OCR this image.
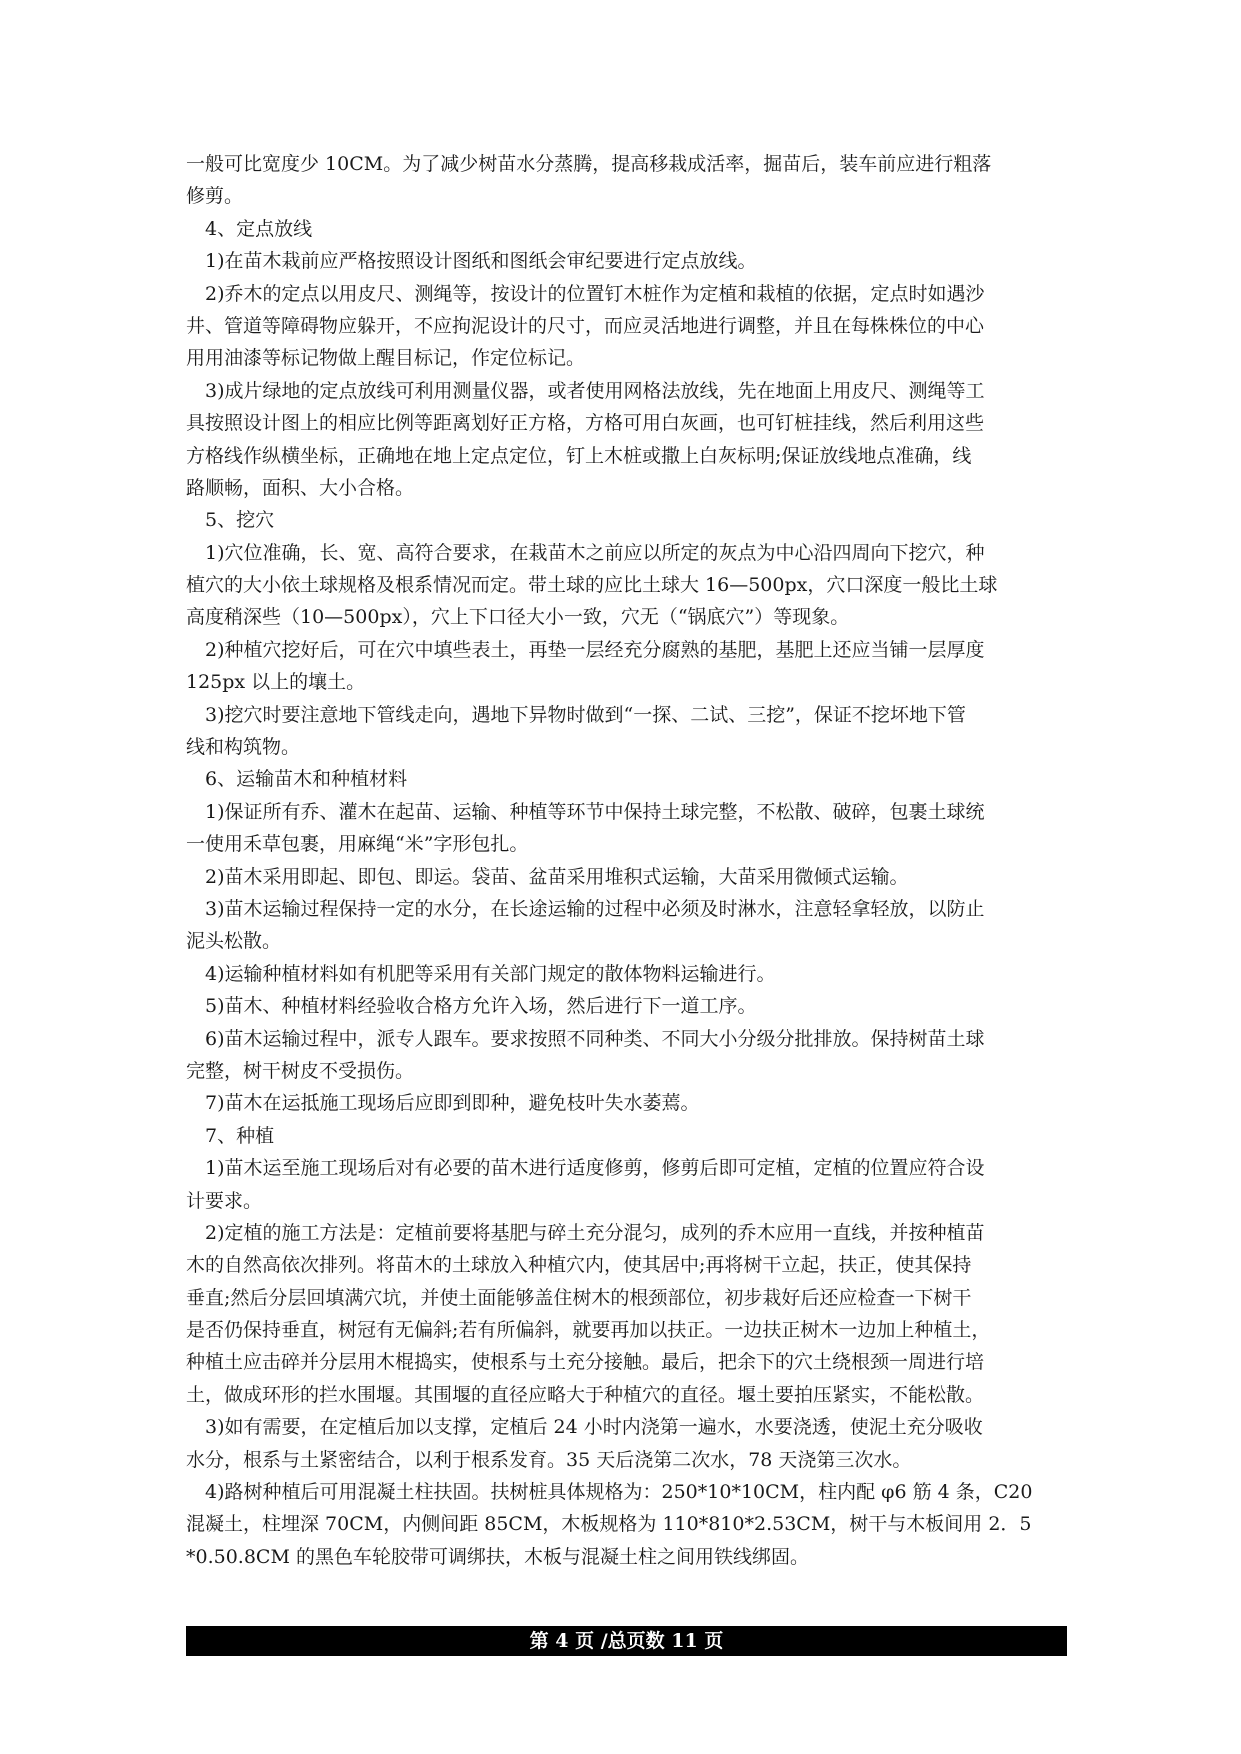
一般可比宽度少 10CM。为了减少树苗水分蒸腾，提高移栽成活率，掘苗后，装车前应进行粗落
修剪。
　4、定点放线
　1)在苗木栽前应严格按照设计图纸和图纸会审纪要进行定点放线。
　2)乔木的定点以用皮尺、测绳等，按设计的位置钉木桩作为定植和栽植的依据，定点时如遇沙
井、管道等障碍物应躲开，不应拘泥设计的尺寸，而应灵活地进行调整，并且在每株株位的中心
用用油漆等标记物做上醒目标记，作定位标记。
　3)成片绿地的定点放线可利用测量仪器，或者使用网格法放线，先在地面上用皮尺、测绳等工
具按照设计图上的相应比例等距离划好正方格，方格可用白灰画，也可钉桩挂线，然后利用这些
方格线作纵横坐标，正确地在地上定点定位，钉上木桩或撒上白灰标明;保证放线地点准确，线
路顺畅，面积、大小合格。
　5、挖穴
　1)穴位准确，长、宽、高符合要求，在栽苗木之前应以所定的灰点为中心沿四周向下挖穴，种
植穴的大小依土球规格及根系情况而定。带土球的应比土球大 16—500px，穴口深度一般比土球
高度稍深些（10—500px），穴上下口径大小一致，穴无（“锅底穴”）等现象。
　2)种植穴挖好后，可在穴中填些表土，再垫一层经充分腐熟的基肥，基肥上还应当铺一层厚度
125px 以上的壤土。
　3)挖穴时要注意地下管线走向，遇地下异物时做到“一探、二试、三挖”，保证不挖坏地下管
线和构筑物。
　6、运输苗木和种植材料
　1)保证所有乔、灌木在起苗、运输、种植等环节中保持土球完整，不松散、破碎，包裹土球统
一使用禾草包裹，用麻绳“米”字形包扎。
　2)苗木采用即起、即包、即运。袋苗、盆苗采用堆积式运输，大苗采用微倾式运输。
　3)苗木运输过程保持一定的水分，在长途运输的过程中必须及时淋水，注意轻拿轻放，以防止
泥头松散。
　4)运输种植材料如有机肥等采用有关部门规定的散体物料运输进行。
　5)苗木、种植材料经验收合格方允许入场，然后进行下一道工序。
　6)苗木运输过程中，派专人跟车。要求按照不同种类、不同大小分级分批排放。保持树苗土球
完整，树干树皮不受损伤。
　7)苗木在运抵施工现场后应即到即种，避免枝叶失水萎蔫。
　7、种植
　1)苗木运至施工现场后对有必要的苗木进行适度修剪，修剪后即可定植，定植的位置应符合设
计要求。
　2)定植的施工方法是：定植前要将基肥与碎土充分混匀，成列的乔木应用一直线，并按种植苗
木的自然高依次排列。将苗木的土球放入种植穴内，使其居中;再将树干立起，扶正，使其保持
垂直;然后分层回填满穴坑，并使土面能够盖住树木的根颈部位，初步栽好后还应检查一下树干
是否仍保持垂直，树冠有无偏斜;若有所偏斜，就要再加以扶正。一边扶正树木一边加上种植土，
种植土应击碎并分层用木棍捣实，使根系与土充分接触。最后，把余下的穴土绕根颈一周进行培
土，做成环形的拦水围堰。其围堰的直径应略大于种植穴的直径。堰土要拍压紧实，不能松散。
　3)如有需要，在定植后加以支撑，定植后 24 小时内浇第一遍水，水要浇透，使泥土充分吸收
水分，根系与土紧密结合，以利于根系发育。35 天后浇第二次水，78 天浇第三次水。
　4)路树种植后可用混凝土柱扶固。扶树桩具体规格为：250*10*10CM，柱内配 φ6 筋 4 条，C20
混凝土，柱埋深 70CM，内侧间距 85CM，木板规格为 110*810*2.53CM，树干与木板间用 2．5
*0.50.8CM 的黑色车轮胶带可调绑扶，木板与混凝土柱之间用铁线绑固。
第 4 页 /总页数 11 页
